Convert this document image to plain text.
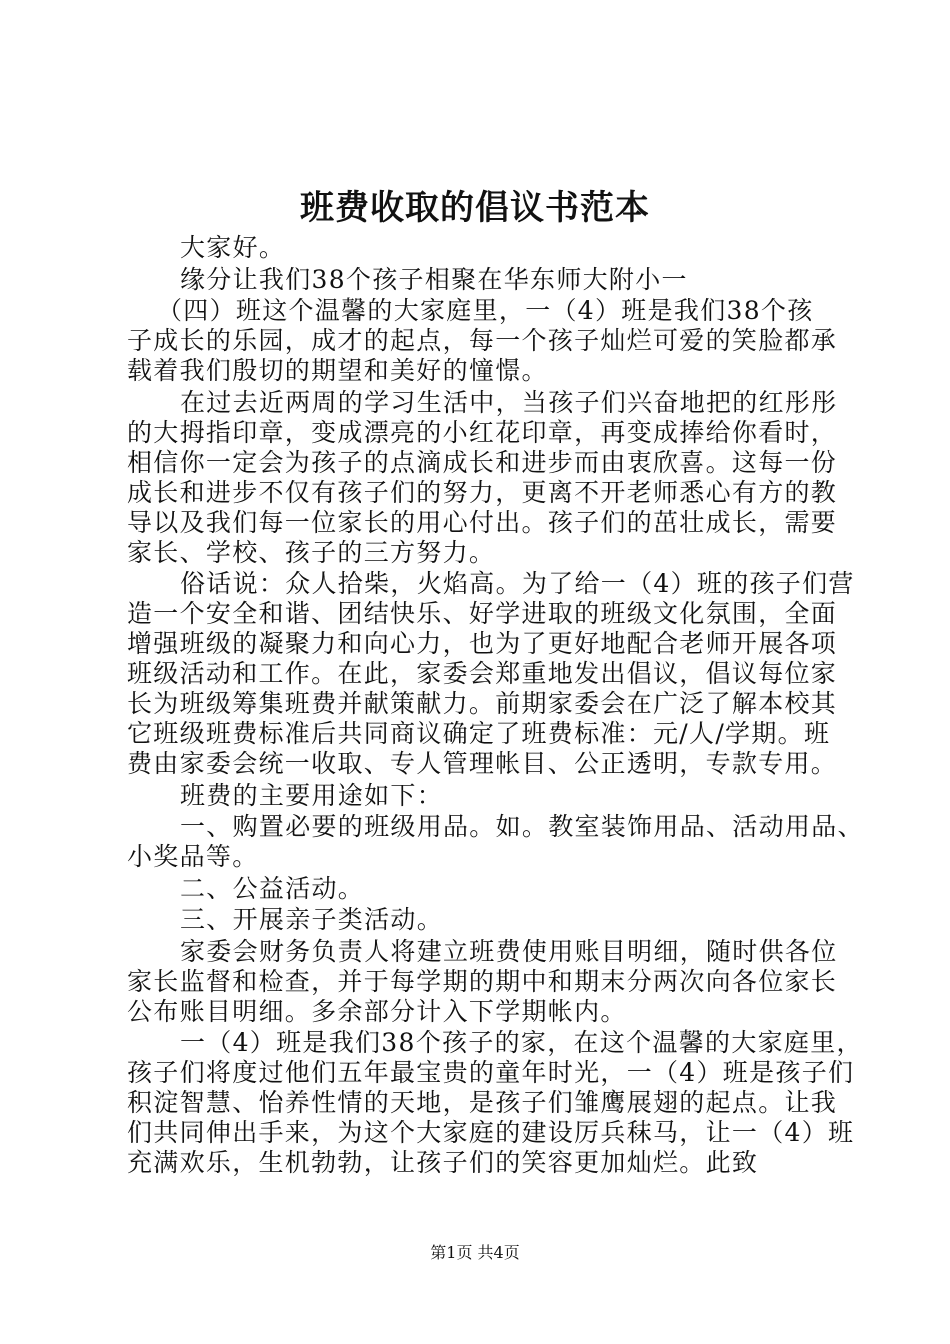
班费收取的倡议书范本
大家好。
缘分让我们38个孩子相聚在华东师大附小一
（四）班这个温馨的大家庭里，一（4）班是我们38个孩
子成长的乐园，成才的起点，每一个孩子灿烂可爱的笑脸都承
载着我们殷切的期望和美好的憧憬。
在过去近两周的学习生活中，当孩子们兴奋地把的红彤彤
的大拇指印章，变成漂亮的小红花印章，再变成捧给你看时，
相信你一定会为孩子的点滴成长和进步而由衷欣喜。这每一份
成长和进步不仅有孩子们的努力，更离不开老师悉心有方的教
导以及我们每一位家长的用心付出。孩子们的茁壮成长，需要
家长、学校、孩子的三方努力。
俗话说：众人拾柴，火焰高。为了给一（4）班的孩子们营
造一个安全和谐、团结快乐、好学进取的班级文化氛围，全面
增强班级的凝聚力和向心力，也为了更好地配合老师开展各项
班级活动和工作。在此，家委会郑重地发出倡议，倡议每位家
长为班级筹集班费并献策献力。前期家委会在广泛了解本校其
它班级班费标准后共同商议确定了班费标准：元/人/学期。班
费由家委会统一收取、专人管理帐目、公正透明，专款专用。
班费的主要用途如下：
一、购置必要的班级用品。如。教室装饰用品、活动用品、
小奖品等。
二、公益活动。
三、开展亲子类活动。
家委会财务负责人将建立班费使用账目明细，随时供各位
家长监督和检查，并于每学期的期中和期末分两次向各位家长
公布账目明细。多余部分计入下学期帐内。
一（4）班是我们38个孩子的家，在这个温馨的大家庭里，
孩子们将度过他们五年最宝贵的童年时光，一（4）班是孩子们
积淀智慧、怡养性情的天地，是孩子们雏鹰展翅的起点。让我
们共同伸出手来，为这个大家庭的建设厉兵秣马，让一（4）班
充满欢乐，生机勃勃，让孩子们的笑容更加灿烂。此致
第1页 共4页
